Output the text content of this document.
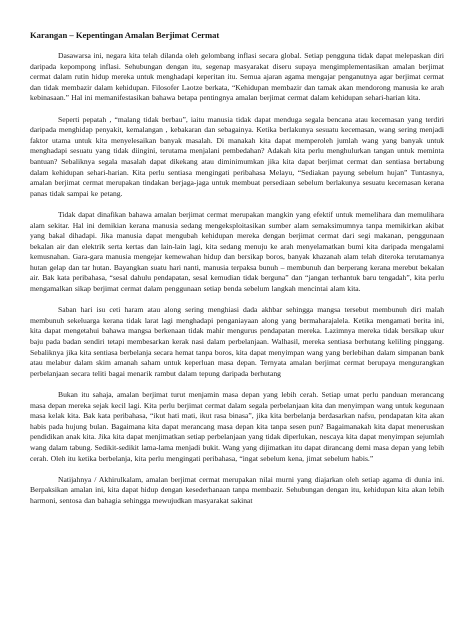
Karangan – Kepentingan Amalan Berjimat Cermat

Dasawarsa ini, negara kita telah dilanda oleh gelombang inflasi secara global. Setiap pengguna tidak dapat melepaskan diri daripada kepompong inflasi. Sehubungan dengan itu, segenap masyarakat diseru supaya mengimplementasikan amalan berjimat cermat dalam rutin hidup mereka untuk menghadapi keperitan itu. Semua ajaran agama mengajar penganutnya agar berjimat cermat dan tidak membazir dalam kehidupan. Filosofer Laotze berkata, “Kehidupan membazir dan tamak akan mendorong manusia ke arah kebinasaan.” Hal ini memanifestasikan bahawa betapa pentingnya amalan berjimat cermat dalam kehidupan sehari-harian kita.

Seperti pepatah , “malang tidak berbau”, iaitu manusia tidak dapat menduga segala bencana atau kecemasan yang terdiri daripada menghidap penyakit, kemalangan , kebakaran dan sebagainya. Ketika berlakunya sesuatu kecemasan, wang sering menjadi faktor utama untuk kita menyelesaikan banyak masalah. Di manakah kita dapat memperoleh jumlah wang yang banyak untuk menghadapi sesuatu yang tidak diingini, terutama menjalani pembedahan? Adakah kita perlu menghulurkan tangan untuk meminta bantuan? Sebaliknya segala masalah dapat dikekang atau diminimumkan jika kita dapat berjimat cermat dan sentiasa bertabung dalam kehidupan sehari-harian. Kita perlu sentiasa mengingati peribahasa Melayu, “Sediakan payung sebelum hujan” Tuntasnya, amalan berjimat cermat merupakan tindakan berjaga-jaga untuk membuat persediaan sebelum berlakunya sesuatu kecemasan kerana panas tidak sampai ke petang.

Tidak dapat dinafikan bahawa amalan berjimat cermat merupakan mangkin yang efektif untuk memelihara dan memulihara alam sekitar. Hal ini demikian kerana manusia sedang mengeksploitasikan sumber alam semaksimumnya tanpa memikirkan akibat yang bakal dihadapi. Jika manusia dapat mengubah kehidupan mereka dengan berjimat cermat dari segi makanan, penggunaan bekalan air dan elektrik serta kertas dan lain-lain lagi, kita sedang menuju ke arah menyelamatkan bumi kita daripada mengalami kemusnahan. Gara-gara manusia mengejar kemewahan hidup dan bersikap boros, banyak khazanah alam telah diteroka terutamanya hutan gelap dan tar hutan. Bayangkan suatu hari nanti, manusia terpaksa bunuh – membunuh dan berperang kerana merebut bekalan air. Bak kata peribahasa, “sesal dahulu pendapatan, sesal kemudian tidak berguna” dan “jangan terhantuk baru tengadah”, kita perlu mengamalkan sikap berjimat cermat dalam penggunaan setiap benda sebelum langkah mencintai alam kita.

Saban hari isu ceti haram atau along sering menghiasi dada akhbar sehingga mangsa tersebut membunuh diri malah membunuh sekeluarga kerana tidak larat lagi menghadapi penganiayaan along yang bermaharajalela. Ketika mengamati berita ini, kita dapat mengetahui bahawa mangsa berkenaan tidak mahir mengurus pendapatan mereka. Lazimnya mereka tidak bersikap ukur baju pada badan sendiri tetapi membesarkan kerak nasi dalam perbelanjaan. Walhasil, mereka sentiasa berhutang keliling pinggang. Sebaliknya jika kita sentiasa berbelanja secara hemat tanpa boros, kita dapat menyimpan wang yang berlebihan dalam simpanan bank atau melabur dalam skim amanah saham untuk keperluan masa depan. Ternyata amalan berjimat cermat berupaya mengurangkan perbelanjaan secara teliti bagai menarik rambut dalam tepung daripada berhutang

Bukan itu sahaja, amalan berjimat turut menjamin masa depan yang lebih cerah. Setiap umat perlu panduan merancang masa depan mereka sejak kecil lagi. Kita perlu berjimat cermat dalam segala perbelanjaan kita dan menyimpan wang untuk kegunaan masa kelak kita. Bak kata peribahasa, “ikut hati mati, ikut rasa binasa”, jika kita berbelanja berdasarkan nafsu, pendapatan kita akan habis pada hujung bulan. Bagaimana kita dapat merancang masa depan kita tanpa sesen pun? Bagaimanakah kita dapat meneruskan pendidikan anak kita. Jika kita dapat menjimatkan setiap perbelanjaan yang tidak diperlukan, nescaya kita dapat menyimpan sejumlah wang dalam tabung. Sedikit-sedikit lama-lama menjadi bukit. Wang yang dijimatkan itu dapat dirancang demi masa depan yang lebih cerah. Oleh itu ketika berbelanja, kita perlu mengingati peribahasa, “ingat sebelum kena, jimat sebelum habis.”

Natijahnya / Akhirulkalam, amalan berjimat cermat merupakan nilai murni yang diajarkan oleh setiap agama di dunia ini. Berpaksikan amalan ini, kita dapat hidup dengan kesederhanaan tanpa membazir. Sehubungan dengan itu, kehidupan kita akan lebih harmoni, sentosa dan bahagia sehingga mewujudkan masyarakat sakinat
